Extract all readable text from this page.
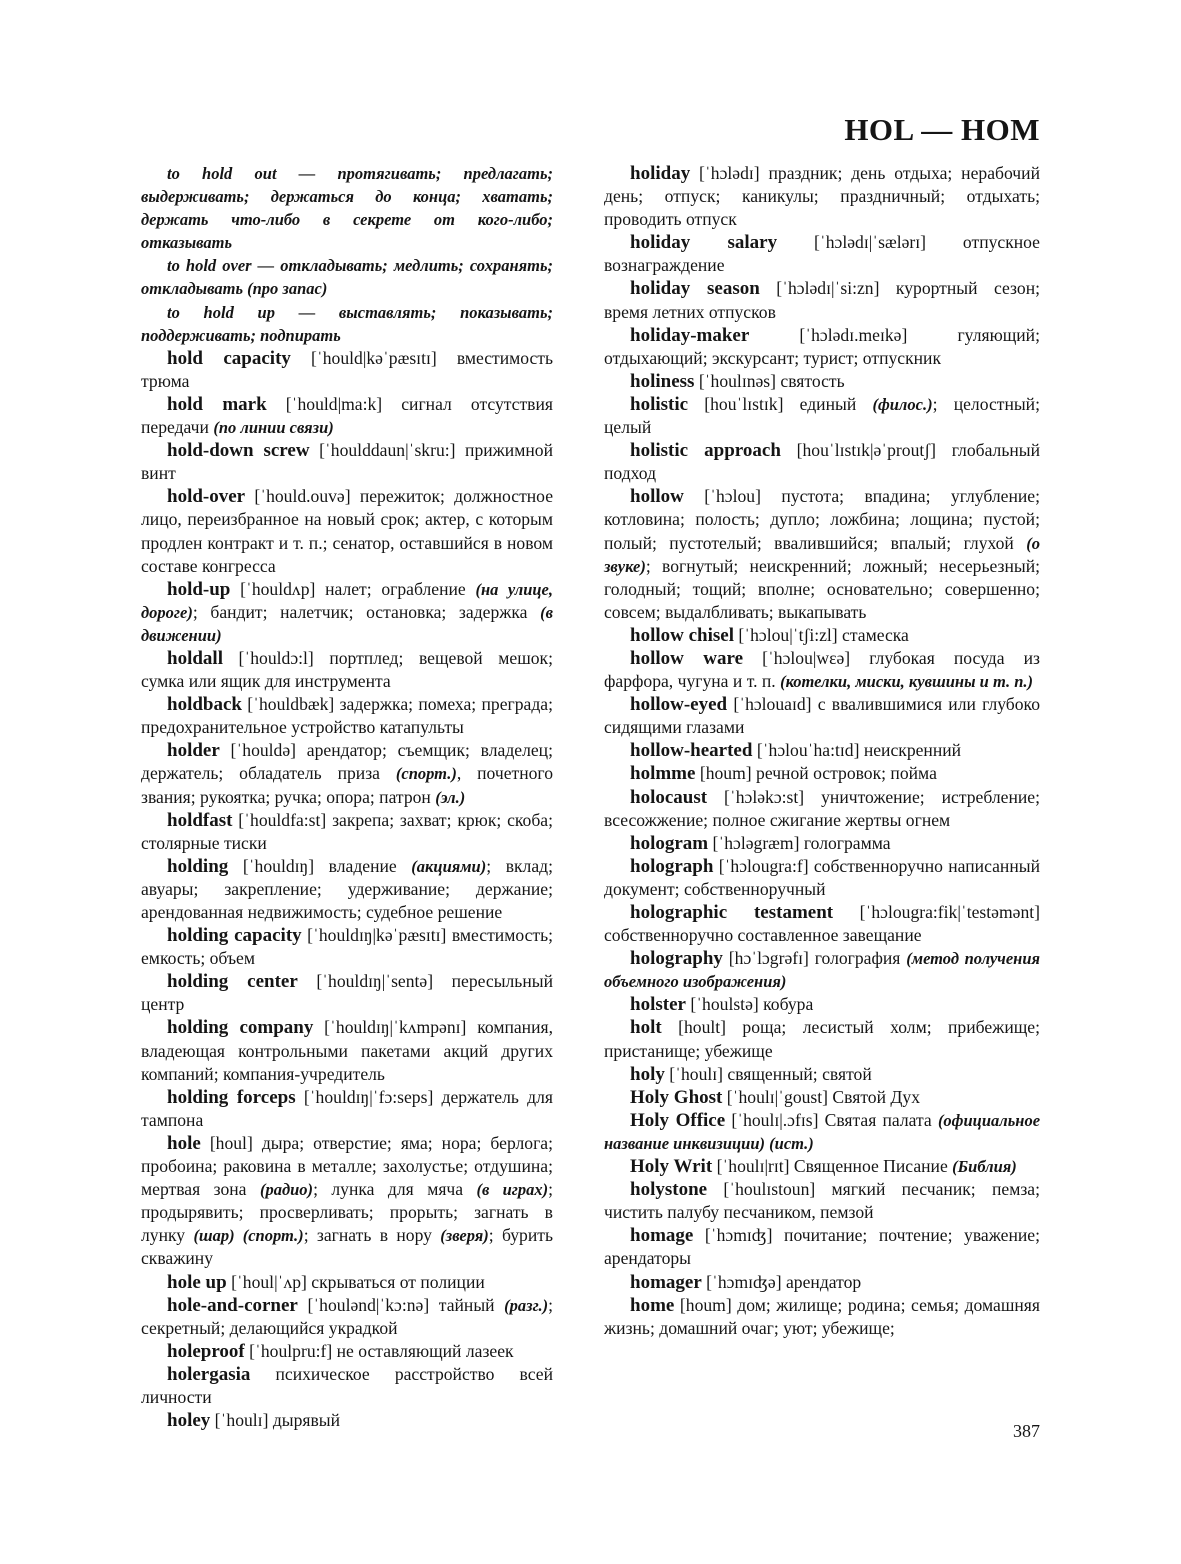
HOL — HOM

to hold out — протягивать; предлагать; выдерживать; держаться до конца; хватать; держать что-либо в секрете от кого-либо; отказывать

to hold over — откладывать; медлить; сохранять; откладывать (про запас)

to hold up — выставлять; показывать; поддерживать; подпирать

hold capacity [ˈhould|kəˈpæsɪtɪ] вместимость трюма

hold mark [ˈhould|ma:k] сигнал отсутствия передачи (по линии связи)

hold-down screw [ˈhoulddaun|ˈskru:] прижимной винт

hold-over [ˈhould.ouvə] пережиток; должностное лицо, переизбранное на новый срок; актер, с которым продлен контракт и т. п.; сенатор, оставшийся в новом составе конгресса

hold-up [ˈhouldʌp] налет; ограбление (на улице, дороге); бандит; налетчик; остановка; задержка (в движении)

holdall [ˈhouldɔ:l] портплед; вещевой мешок; сумка или ящик для инструмента

holdback [ˈhouldbæk] задержка; помеха; преграда; предохранительное устройство катапульты

holder [ˈhouldə] арендатор; съемщик; владелец; держатель; обладатель приза (спорт.), почетного звания; рукоятка; ручка; опора; патрон (эл.)

holdfast [ˈhouldfa:st] закрепа; захват; крюк; скоба; столярные тиски

holding [ˈhouldɪŋ] владение (акциями); вклад; авуары; закрепление; удерживание; держание; арендованная недвижимость; судебное решение

holding capacity [ˈhouldɪŋ|kəˈpæsɪtɪ] вместимость; емкость; объем

holding center [ˈhouldɪŋ|ˈsentə] пересыльный центр

holding company [ˈhouldɪŋ|ˈkʌmpənɪ] компания, владеющая контрольными пакетами акций других компаний; компания-учредитель

holding forceps [ˈhouldɪŋ|ˈfɔ:seps] держатель для тампона

hole [houl] дыра; отверстие; яма; нора; берлога; пробоина; раковина в металле; захолустье; отдушина; мертвая зона (радио); лунка для мяча (в играх); продырявить; просверливать; прорыть; загнать в лунку (шар) (спорт.); загнать в нору (зверя); бурить скважину

hole up [ˈhoul|ˈʌp] скрываться от полиции

hole-and-corner [ˈhoulənd|ˈkɔ:nə] тайный (разг.); секретный; делающийся украдкой

holeproof [ˈhoulpru:f] не оставляющий лазеек

holergasia психическое расстройство всей личности

holey [ˈhoulɪ] дырявый

holiday [ˈhɔlədɪ] праздник; день отдыха; нерабочий день; отпуск; каникулы; праздничный; отдыхать; проводить отпуск

holiday salary [ˈhɔlədɪ|ˈsælərɪ] отпускное вознаграждение

holiday season [ˈhɔlədɪ|ˈsi:zn] курортный сезон; время летних отпусков

holiday-maker [ˈhɔlədɪ.meɪkə] гуляющий; отдыхающий; экскурсант; турист; отпускник

holiness [ˈhoulɪnəs] святость

holistic [houˈlɪstɪk] единый (филос.); целостный; целый

holistic approach [houˈlɪstɪk|əˈproutʃ] глобальный подход

hollow [ˈhɔlou] пустота; впадина; углубление; котловина; полость; дупло; ложбина; лощина; пустой; полый; пустотелый; ввалившийся; впалый; глухой (о звуке); вогнутый; неискренний; ложный; несерьезный; голодный; тощий; вполне; основательно; совершенно; совсем; выдалбливать; выкапывать

hollow chisel [ˈhɔlou|ˈtʃi:zl] стамеска

hollow ware [ˈhɔlou|wɛə] глубокая посуда из фарфора, чугуна и т. п. (котелки, миски, кувшины и т. п.)

hollow-eyed [ˈhɔlouaɪd] с ввалившимися или глубоко сидящими глазами

hollow-hearted [ˈhɔlouˈha:tɪd] неискренний

holmme [houm] речной островок; пойма

holocaust [ˈhɔləkɔ:st] уничтожение; истребление; всесожжение; полное сжигание жертвы огнем

hologram [ˈhɔləgræm] голограмма

holograph [ˈhɔlougra:f] собственноручно написанный документ; собственноручный

holographic testament [ˈhɔlougra:fik|ˈtestəmənt] собственноручно составленное завещание

holography [hɔˈlɔgrəfɪ] голография (метод получения объемного изображения)

holster [ˈhoulstə] кобура

holt [hoult] роща; лесистый холм; прибежище; пристанище; убежище

holy [ˈhoulɪ] священный; святой

Holy Ghost [ˈhoulɪ|ˈgoust] Святой Дух

Holy Office [ˈhoulɪ|.ɔfɪs] Святая палата (официальное название инквизиции) (ист.)

Holy Writ [ˈhoulɪ|rɪt] Священное Писание (Библия)

holystone [ˈhoulɪstoun] мягкий песчаник; пемза; чистить палубу песчаником, пемзой

homage [ˈhɔmɪʤ] почитание; почтение; уважение; арендаторы

homager [ˈhɔmɪʤə] арендатор

home [houm] дом; жилище; родина; семья; домашняя жизнь; домашний очаг; уют; убежище;

387
